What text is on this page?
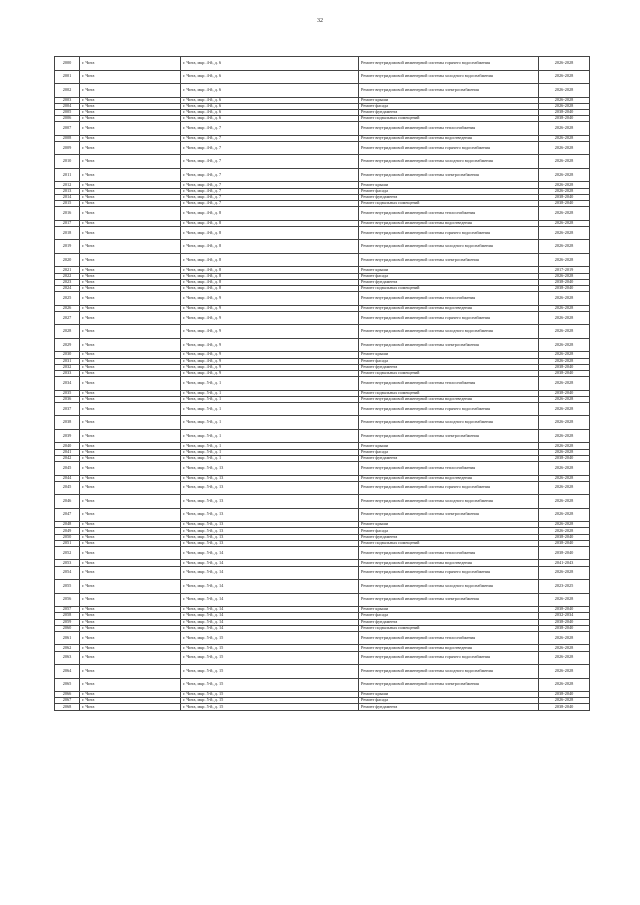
32
2000	г. Чита	г. Чита, мкр. 4-й, д. 6	Ремонт внутридомовой инженерной системы горячего водоснабжения	2026-2028
2001	г. Чита	г. Чита, мкр. 4-й, д. 6	Ремонт внутридомовой инженерной системы холодного водоснабжения	2026-2028
2002	г. Чита	г. Чита, мкр. 4-й, д. 6	Ремонт внутридомовой инженерной системы электроснабжения	2026-2028
2003	г. Чита	г. Чита, мкр. 4-й, д. 6	Ремонт крыши	2026-2028
2004	г. Чита	г. Чита, мкр. 4-й, д. 6	Ремонт фасада	2026-2028
2005	г. Чита	г. Чита, мкр. 4-й, д. 6	Ремонт фундамента	2038-2040
2006	г. Чита	г. Чита, мкр. 4-й, д. 6	Ремонт подвальных помещений	2038-2040
2007	г. Чита	г. Чита, мкр. 4-й, д. 7	Ремонт внутридомовой инженерной системы теплоснабжения	2026-2028
2008	г. Чита	г. Чита, мкр. 4-й, д. 7	Ремонт внутридомовой инженерной системы водоотведения	2026-2028
2009	г. Чита	г. Чита, мкр. 4-й, д. 7	Ремонт внутридомовой инженерной системы горячего водоснабжения	2026-2028
2010	г. Чита	г. Чита, мкр. 4-й, д. 7	Ремонт внутридомовой инженерной системы холодного водоснабжения	2026-2028
2011	г. Чита	г. Чита, мкр. 4-й, д. 7	Ремонт внутридомовой инженерной системы электроснабжения	2026-2028
2012	г. Чита	г. Чита, мкр. 4-й, д. 7	Ремонт крыши	2026-2028
2013	г. Чита	г. Чита, мкр. 4-й, д. 7	Ремонт фасада	2026-2028
2014	г. Чита	г. Чита, мкр. 4-й, д. 7	Ремонт фундамента	2038-2040
2015	г. Чита	г. Чита, мкр. 4-й, д. 7	Ремонт подвальных помещений	2038-2040
2016	г. Чита	г. Чита, мкр. 4-й, д. 8	Ремонт внутридомовой инженерной системы теплоснабжения	2026-2028
2017	г. Чита	г. Чита, мкр. 4-й, д. 8	Ремонт внутридомовой инженерной системы водоотведения	2026-2028
2018	г. Чита	г. Чита, мкр. 4-й, д. 8	Ремонт внутридомовой инженерной системы горячего водоснабжения	2026-2028
2019	г. Чита	г. Чита, мкр. 4-й, д. 8	Ремонт внутридомовой инженерной системы холодного водоснабжения	2026-2028
2020	г. Чита	г. Чита, мкр. 4-й, д. 8	Ремонт внутридомовой инженерной системы электроснабжения	2026-2028
2021	г. Чита	г. Чита, мкр. 4-й, д. 8	Ремонт крыши	2017-2019
2022	г. Чита	г. Чита, мкр. 4-й, д. 8	Ремонт фасада	2026-2028
2023	г. Чита	г. Чита, мкр. 4-й, д. 8	Ремонт фундамента	2038-2040
2024	г. Чита	г. Чита, мкр. 4-й, д. 8	Ремонт подвальных помещений	2038-2040
2025	г. Чита	г. Чита, мкр. 4-й, д. 9	Ремонт внутридомовой инженерной системы теплоснабжения	2026-2028
2026	г. Чита	г. Чита, мкр. 4-й, д. 9	Ремонт внутридомовой инженерной системы водоотведения	2026-2028
2027	г. Чита	г. Чита, мкр. 4-й, д. 9	Ремонт внутридомовой инженерной системы горячего водоснабжения	2026-2028
2028	г. Чита	г. Чита, мкр. 4-й, д. 9	Ремонт внутридомовой инженерной системы холодного водоснабжения	2026-2028
2029	г. Чита	г. Чита, мкр. 4-й, д. 9	Ремонт внутридомовой инженерной системы электроснабжения	2026-2028
2030	г. Чита	г. Чита, мкр. 4-й, д. 9	Ремонт крыши	2026-2028
2031	г. Чита	г. Чита, мкр. 4-й, д. 9	Ремонт фасада	2026-2028
2032	г. Чита	г. Чита, мкр. 4-й, д. 9	Ремонт фундамента	2038-2040
2033	г. Чита	г. Чита, мкр. 4-й, д. 9	Ремонт подвальных помещений	2038-2040
2034	г. Чита	г. Чита, мкр. 5-й, д. 1	Ремонт внутридомовой инженерной системы теплоснабжения	2026-2028
2035	г. Чита	г. Чита, мкр. 5-й, д. 1	Ремонт подвальных помещений	2038-2040
2036	г. Чита	г. Чита, мкр. 5-й, д. 1	Ремонт внутридомовой инженерной системы водоотведения	2026-2028
2037	г. Чита	г. Чита, мкр. 5-й, д. 1	Ремонт внутридомовой инженерной системы горячего водоснабжения	2026-2028
2038	г. Чита	г. Чита, мкр. 5-й, д. 1	Ремонт внутридомовой инженерной системы холодного водоснабжения	2026-2028
2039	г. Чита	г. Чита, мкр. 5-й, д. 1	Ремонт внутридомовой инженерной системы электроснабжения	2026-2028
2040	г. Чита	г. Чита, мкр. 5-й, д. 1	Ремонт крыши	2026-2028
2041	г. Чита	г. Чита, мкр. 5-й, д. 1	Ремонт фасада	2026-2028
2042	г. Чита	г. Чита, мкр. 5-й, д. 1	Ремонт фундамента	2038-2040
2045	г. Чита	г. Чита, мкр. 5-й, д. 13	Ремонт внутридомовой инженерной системы теплоснабжения	2026-2028
2044	г. Чита	г. Чита, мкр. 5-й, д. 13	Ремонт внутридомовой инженерной системы водоотведения	2026-2028
2045	г. Чита	г. Чита, мкр. 5-й, д. 13	Ремонт внутридомовой инженерной системы горячего водоснабжения	2026-2028
2046	г. Чита	г. Чита, мкр. 5-й, д. 13	Ремонт внутридомовой инженерной системы холодного водоснабжения	2026-2028
2047	г. Чита	г. Чита, мкр. 5-й, д. 13	Ремонт внутридомовой инженерной системы электроснабжения	2026-2028
2048	г. Чита	г. Чита, мкр. 5-й, д. 13	Ремонт крыши	2026-2028
2049	г. Чита	г. Чита, мкр. 5-й, д. 13	Ремонт фасада	2026-2028
2050	г. Чита	г. Чита, мкр. 5-й, д. 13	Ремонт фундамента	2038-2040
2051	г. Чита	г. Чита, мкр. 5-й, д. 13	Ремонт подвальных помещений	2038-2040
2052	г. Чита	г. Чита, мкр. 5-й, д. 14	Ремонт внутридомовой инженерной системы теплоснабжения	2038-2040
2053	г. Чита	г. Чита, мкр. 5-й, д. 14	Ремонт внутридомовой инженерной системы водоотведения	2041-2043
2054	г. Чита	г. Чита, мкр. 5-й, д. 14	Ремонт внутридомовой инженерной системы горячего водоснабжения	2026-2028
2055	г. Чита	г. Чита, мкр. 5-й, д. 14	Ремонт внутридомовой инженерной системы холодного водоснабжения	2023-2025
2056	г. Чита	г. Чита, мкр. 5-й, д. 14	Ремонт внутридомовой инженерной системы электроснабжения	2026-2028
2057	г. Чита	г. Чита, мкр. 5-й, д. 14	Ремонт крыши	2038-2040
2058	г. Чита	г. Чита, мкр. 5-й, д. 14	Ремонт фасада	2032-2034
2059	г. Чита	г. Чита, мкр. 5-й, д. 14	Ремонт фундамента	2038-2040
2060	г. Чита	г. Чита, мкр. 5-й, д. 14	Ремонт подвальных помещений	2038-2040
2061	г. Чита	г. Чита, мкр. 5-й, д. 15	Ремонт внутридомовой инженерной системы теплоснабжения	2026-2028
2062	г. Чита	г. Чита, мкр. 5-й, д. 15	Ремонт внутридомовой инженерной системы водоотведения	2026-2028
2063	г. Чита	г. Чита, мкр. 5-й, д. 15	Ремонт внутридомовой инженерной системы горячего водоснабжения	2026-2028
2064	г. Чита	г. Чита, мкр. 5-й, д. 15	Ремонт внутридомовой инженерной системы холодного водоснабжения	2026-2028
2065	г. Чита	г. Чита, мкр. 5-й, д. 15	Ремонт внутридомовой инженерной системы электроснабжения	2026-2028
2066	г. Чита	г. Чита, мкр. 5-й, д. 15	Ремонт крыши	2038-2040
2067	г. Чита	г. Чита, мкр. 5-й, д. 15	Ремонт фасада	2026-2028
2068	г. Чита	г. Чита, мкр. 5-й, д. 15	Ремонт фундамента	2038-2040
